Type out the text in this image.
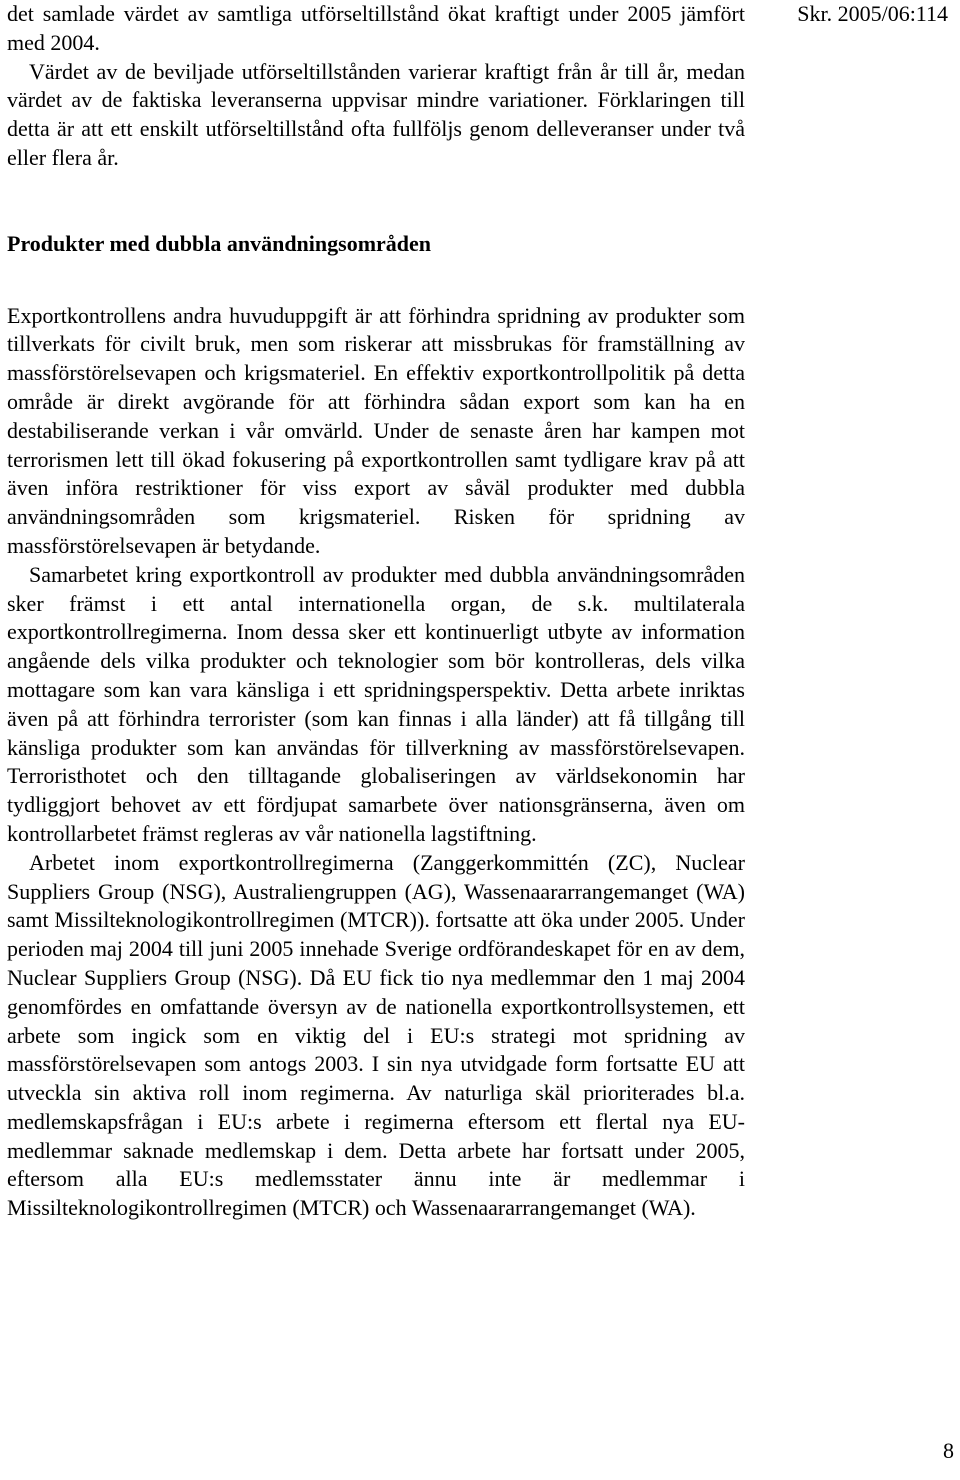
Skr. 2005/06:114

det samlade värdet av samtliga utförseltillstånd ökat kraftigt under 2005 jämfört med 2004.

Värdet av de beviljade utförseltillstånden varierar kraftigt från år till år, medan värdet av de faktiska leveranserna uppvisar mindre variationer. Förklaringen till detta är att ett enskilt utförseltillstånd ofta fullföljs genom delleveranser under två eller flera år.

Produkter med dubbla användningsområden

Exportkontrollens andra huvuduppgift är att förhindra spridning av produkter som tillverkats för civilt bruk, men som riskerar att missbrukas för framställning av massförstörelsevapen och krigsmateriel. En effektiv exportkontrollpolitik på detta område är direkt avgörande för att förhindra sådan export som kan ha en destabiliserande verkan i vår omvärld. Under de senaste åren har kampen mot terrorismen lett till ökad fokusering på exportkontrollen samt tydligare krav på att även införa restriktioner för viss export av såväl produkter med dubbla användningsområden som krigsmateriel. Risken för spridning av massförstörelsevapen är betydande.

Samarbetet kring exportkontroll av produkter med dubbla användningsområden sker främst i ett antal internationella organ, de s.k. multilaterala exportkontrollregimerna. Inom dessa sker ett kontinuerligt utbyte av information angående dels vilka produkter och teknologier som bör kontrolleras, dels vilka mottagare som kan vara känsliga i ett spridningsperspektiv. Detta arbete inriktas även på att förhindra terrorister (som kan finnas i alla länder) att få tillgång till känsliga produkter som kan användas för tillverkning av massförstörelsevapen. Terroristhotet och den tilltagande globaliseringen av världsekonomin har tydliggjort behovet av ett fördjupat samarbete över nationsgränserna, även om kontrollarbetet främst regleras av vår nationella lagstiftning.

Arbetet inom exportkontrollregimerna (Zanggerkommittén (ZC), Nuclear Suppliers Group (NSG), Australiengruppen (AG), Wassenaararrangemanget (WA) samt Missilteknologikontrollregimen (MTCR)). fortsatte att öka under 2005. Under perioden maj 2004 till juni 2005 innehade Sverige ordförandeskapet för en av dem, Nuclear Suppliers Group (NSG). Då EU fick tio nya medlemmar den 1 maj 2004 genomfördes en omfattande översyn av de nationella exportkontrollsystemen, ett arbete som ingick som en viktig del i EU:s strategi mot spridning av massförstörelsevapen som antogs 2003. I sin nya utvidgade form fortsatte EU att utveckla sin aktiva roll inom regimerna. Av naturliga skäl prioriterades bl.a. medlemskapsfrågan i EU:s arbete i regimerna eftersom ett flertal nya EU-medlemmar saknade medlemskap i dem. Detta arbete har fortsatt under 2005, eftersom alla EU:s medlemsstater ännu inte är medlemmar i Missilteknologikontrollregimen (MTCR) och Wassenaararrangemanget (WA).

8
